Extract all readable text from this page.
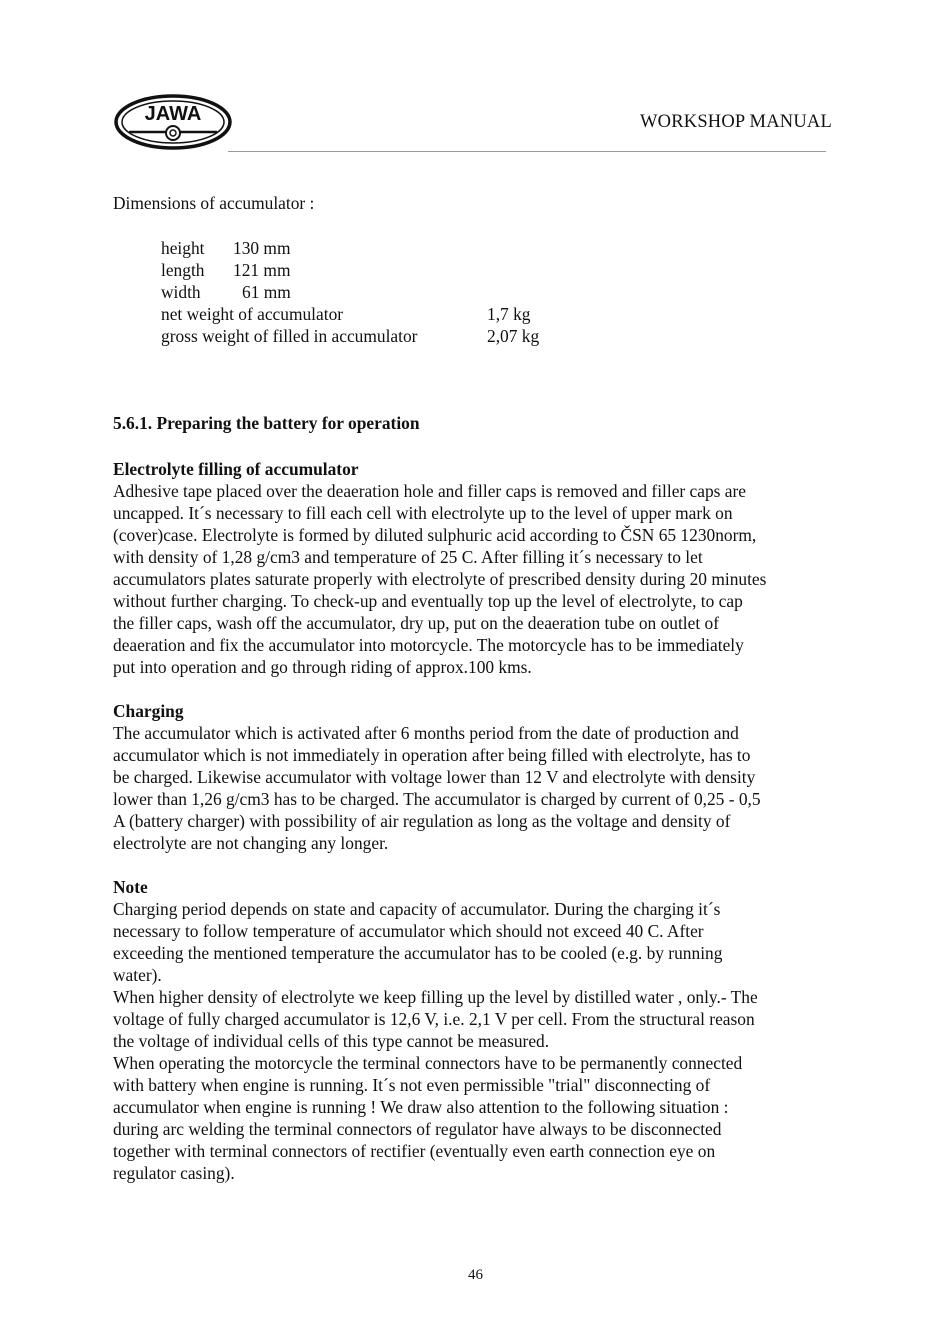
JAWA	WORKSHOP MANUAL
Dimensions of accumulator :
height 130 mm
length 121 mm
width 61 mm
net weight of accumulator	1,7 kg
gross weight of filled in accumulator	2,07 kg
5.6.1. Preparing the battery for operation

Electrolyte filling of accumulator

Adhesive tape placed over the deaeration hole and filler caps is removed and filler caps are

uncapped. It´s necessary to fill each cell with electrolyte up to the level of upper mark on

(cover)case. Electrolyte is formed by diluted sulphuric acid according to ČSN 65 1230norm,

with density of 1,28 g/cm3 and temperature of 25 C. After filling it´s necessary to let

accumulators plates saturate properly with electrolyte of prescribed density during 20 minutes

without further charging. To check-up and eventually top up the level of electrolyte, to cap

the filler caps, wash off the accumulator, dry up, put on the deaeration tube on outlet of

deaeration and fix the accumulator into motorcycle. The motorcycle has to be immediately

put into operation and go through riding of approx.100 kms.

Charging

The accumulator which is activated after 6 months period from the date of production and

accumulator which is not immediately in operation after being filled with electrolyte, has to

be charged. Likewise accumulator with voltage lower than 12 V and electrolyte with density

lower than 1,26 g/cm3 has to be charged. The accumulator is charged by current of 0,25 - 0,5

A (battery charger) with possibility of air regulation as long as the voltage and density of

electrolyte are not changing any longer.

Note

Charging period depends on state and capacity of accumulator. During the charging it´s

necessary to follow temperature of accumulator which should not exceed 40 C. After

exceeding the mentioned temperature the accumulator has to be cooled (e.g. by running

water).

When higher density of electrolyte we keep filling up the level by distilled water , only.- The

voltage of fully charged accumulator is 12,6 V, i.e. 2,1 V per cell. From the structural reason

the voltage of individual cells of this type cannot be measured.

When operating the motorcycle the terminal connectors have to be permanently connected

with battery when engine is running. It´s not even permissible "trial" disconnecting of

accumulator when engine is running ! We draw also attention to the following situation :

during arc welding the terminal connectors of regulator have always to be disconnected

together with terminal connectors of rectifier (eventually even earth connection eye on

regulator casing).

46
